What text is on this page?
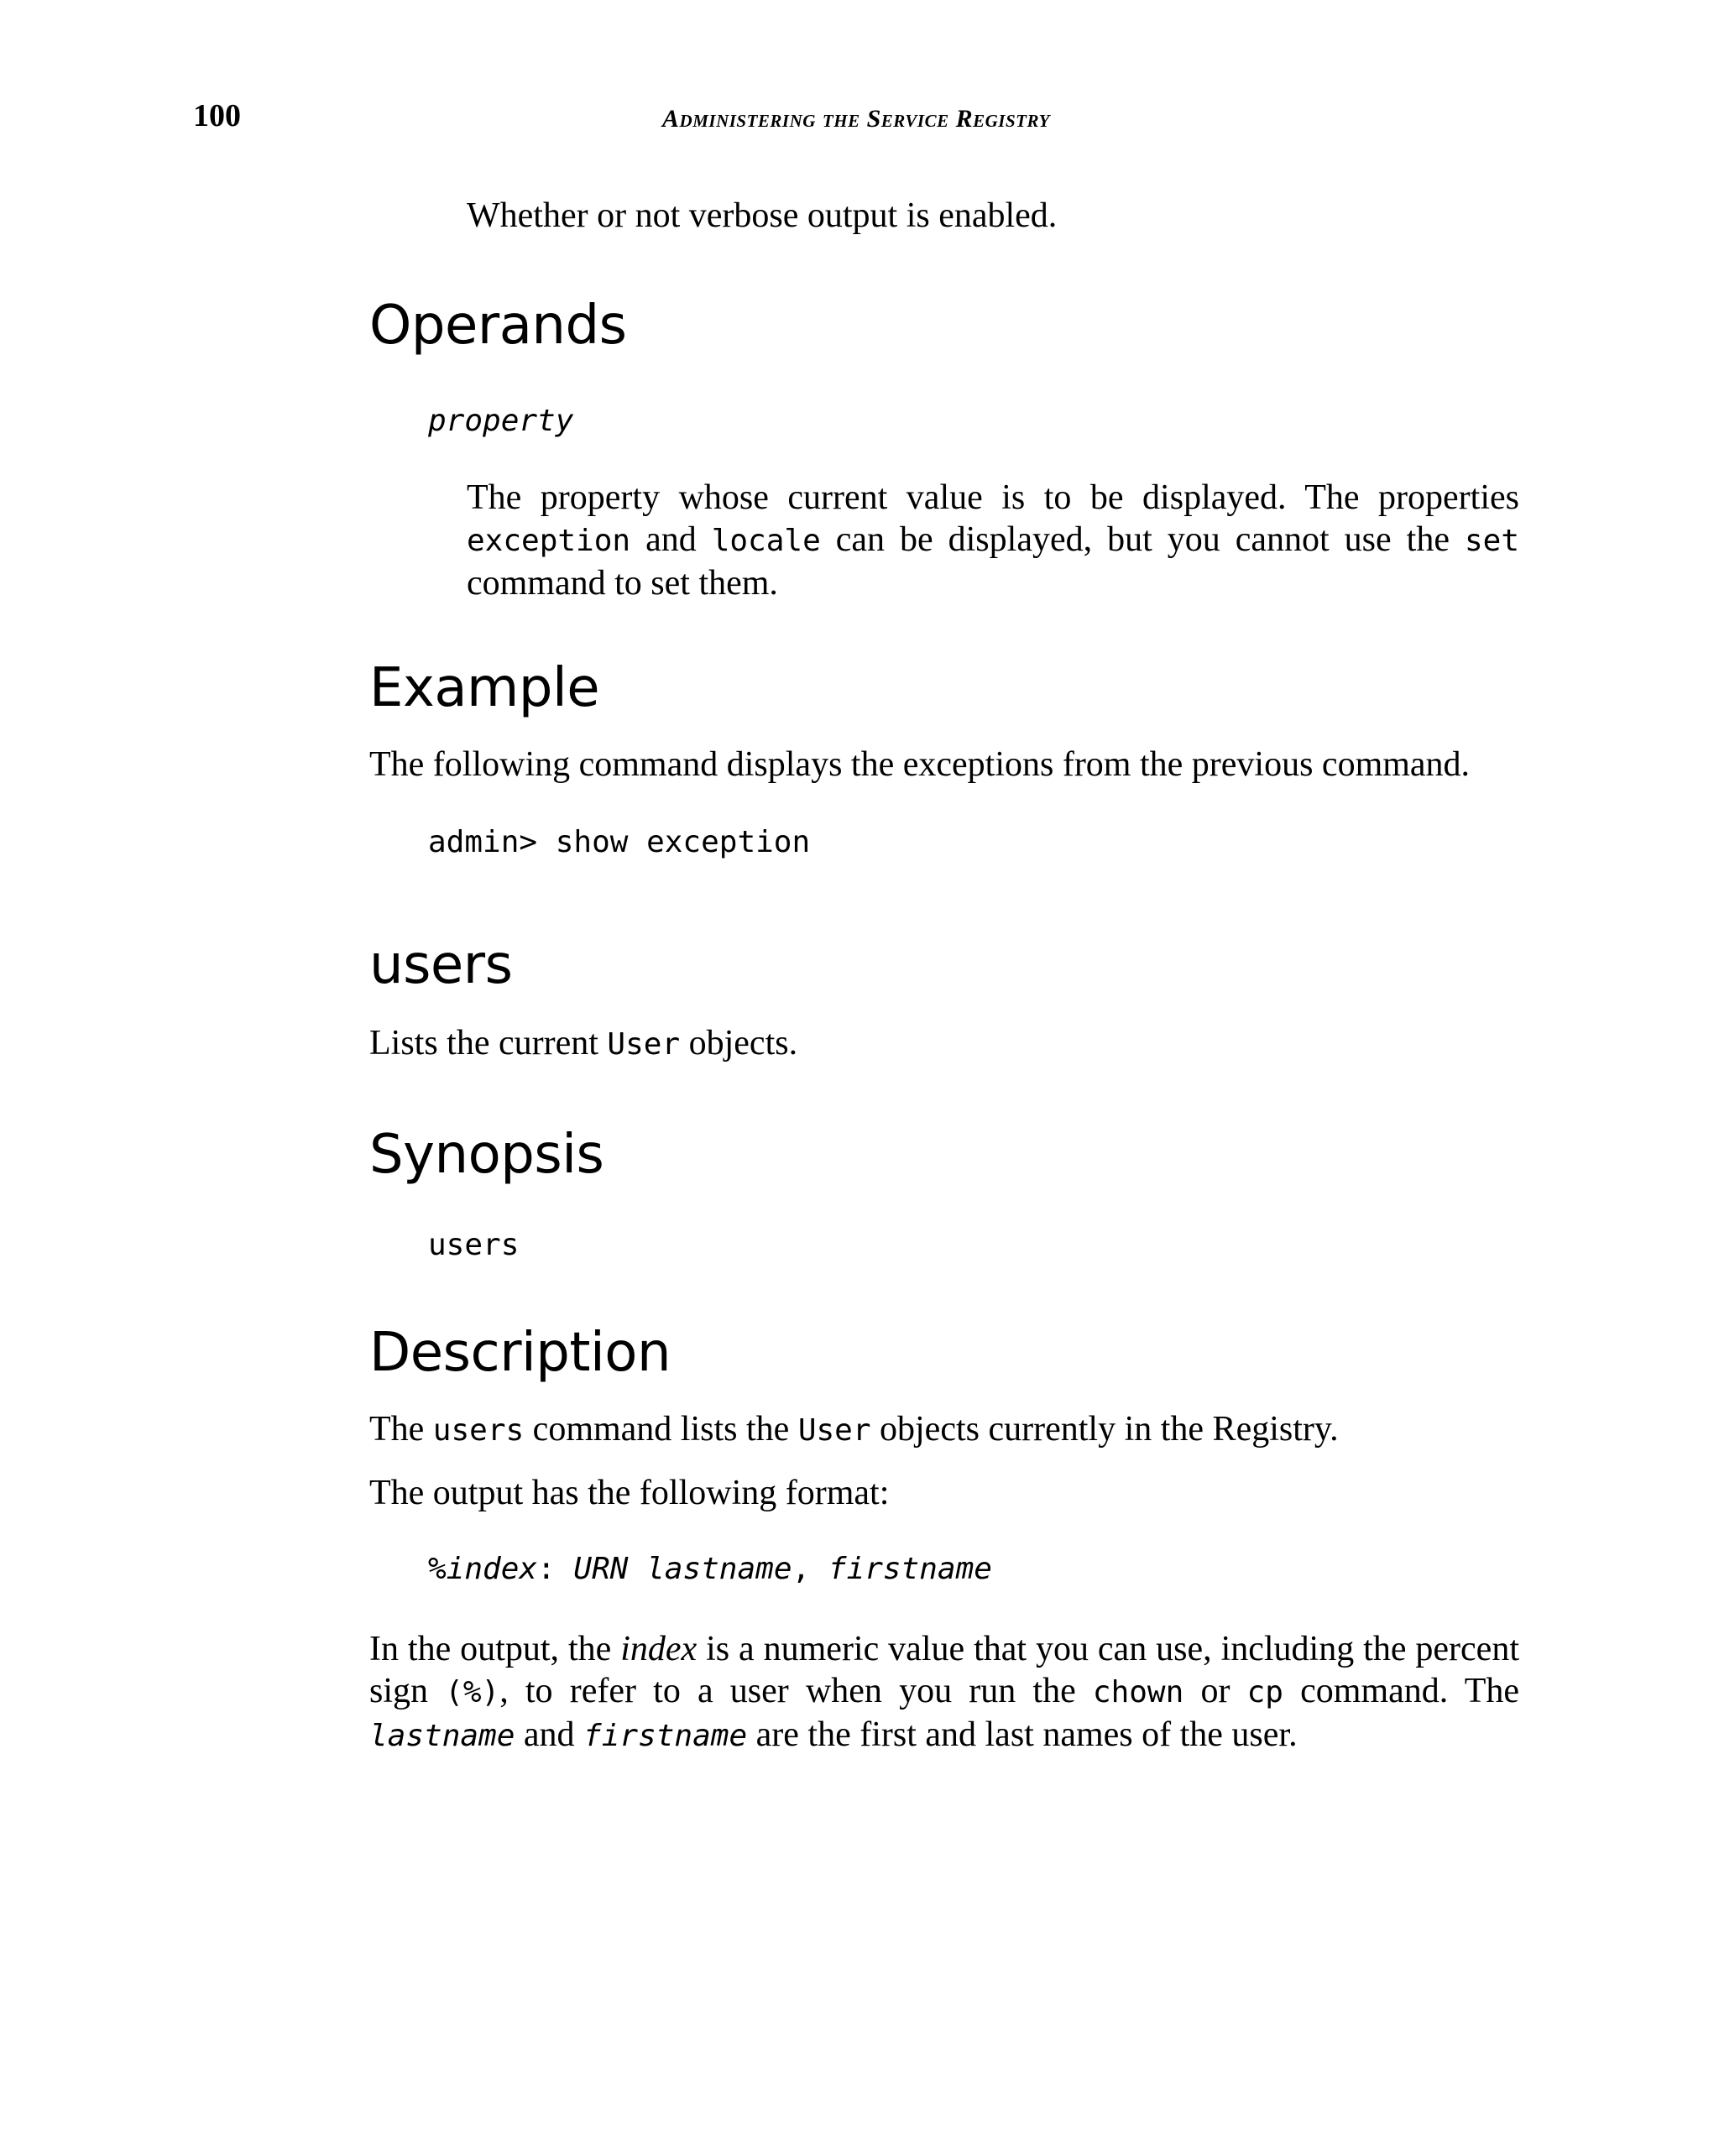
100	Administering the Service Registry

Whether or not verbose output is enabled.

Operands
property

The property whose current value is to be displayed. The properties
exception and locale can be displayed, but you cannot use the set
command to set them.

Example

The following command displays the exceptions from the previous command.

admin> show exception
users

Lists the current User objects.

Synopsis
users
Description

The users command lists the User objects currently in the Registry.

The output has the following format:

%index: URN lastname, firstname

In the output, the index is a numeric value that you can use, including the percent
sign (%), to refer to a user when you run the chown or cp command. The
lastname and firstname are the first and last names of the user.
